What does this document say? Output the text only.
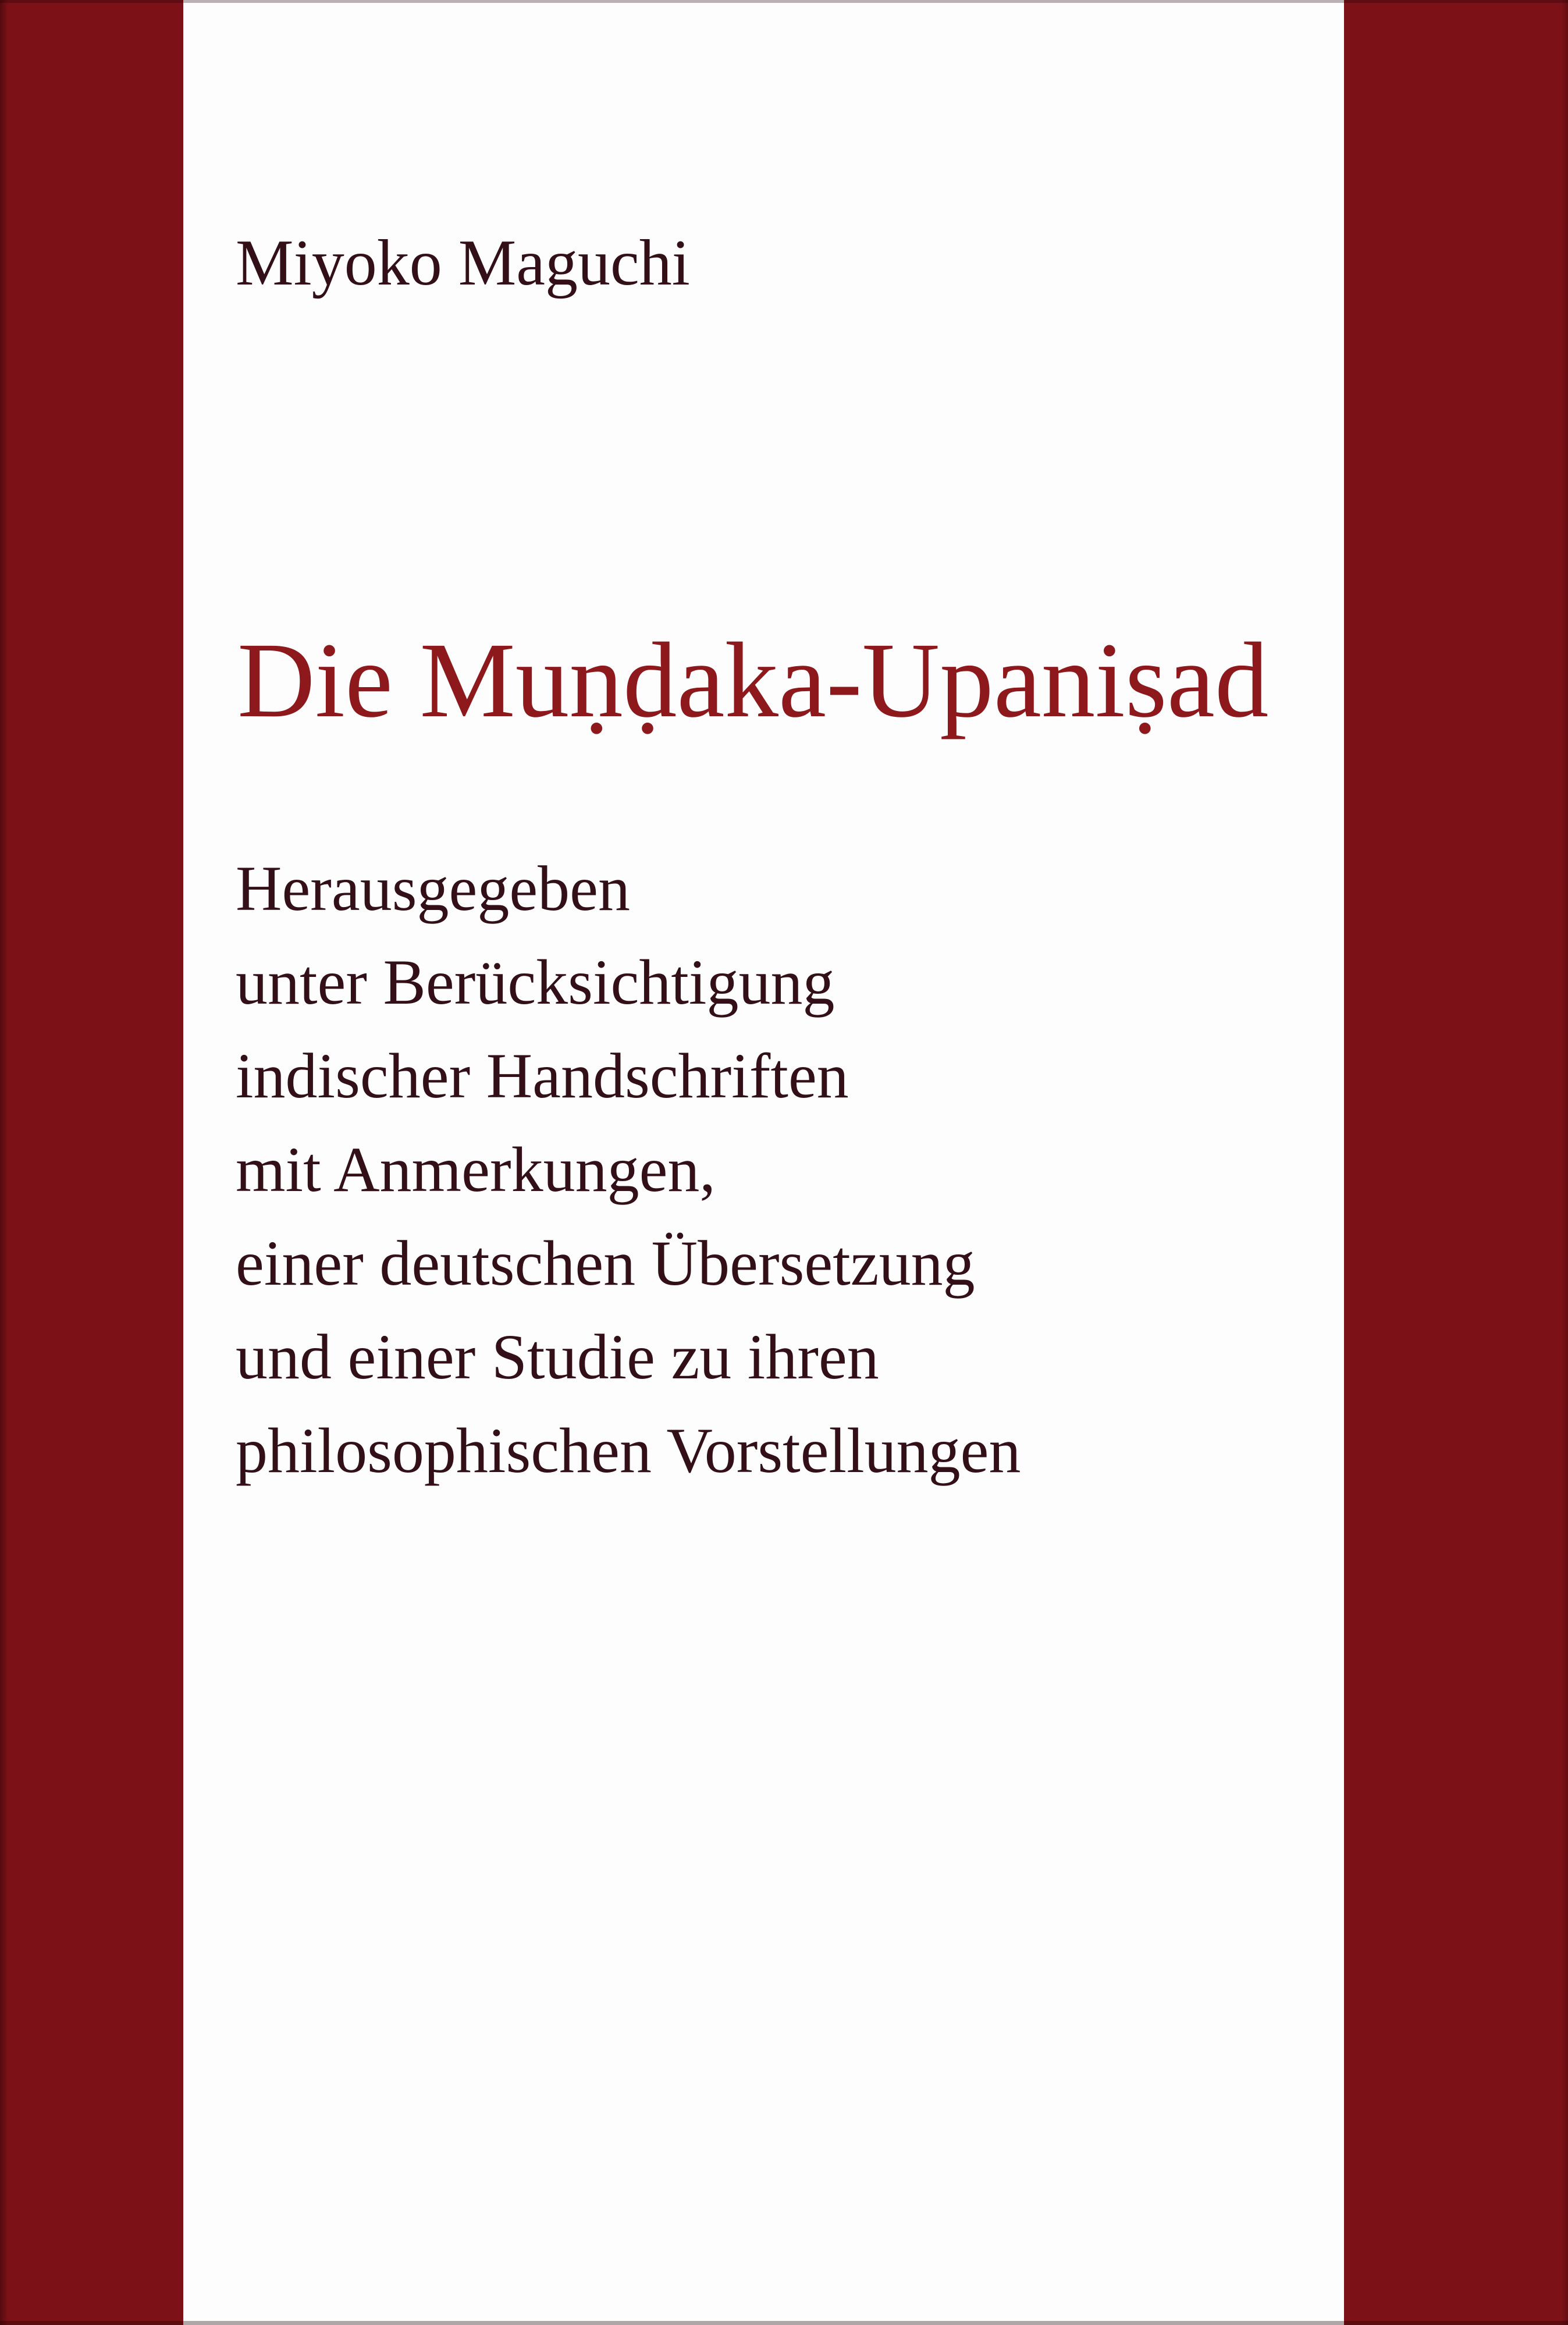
Miyoko Maguchi
Die Muṇḍaka-Upaniṣad
Herausgegeben
unter Berücksichtigung
indischer Handschriften
mit Anmerkungen,
einer deutschen Übersetzung
und einer Studie zu ihren
philosophischen Vorstellungen
